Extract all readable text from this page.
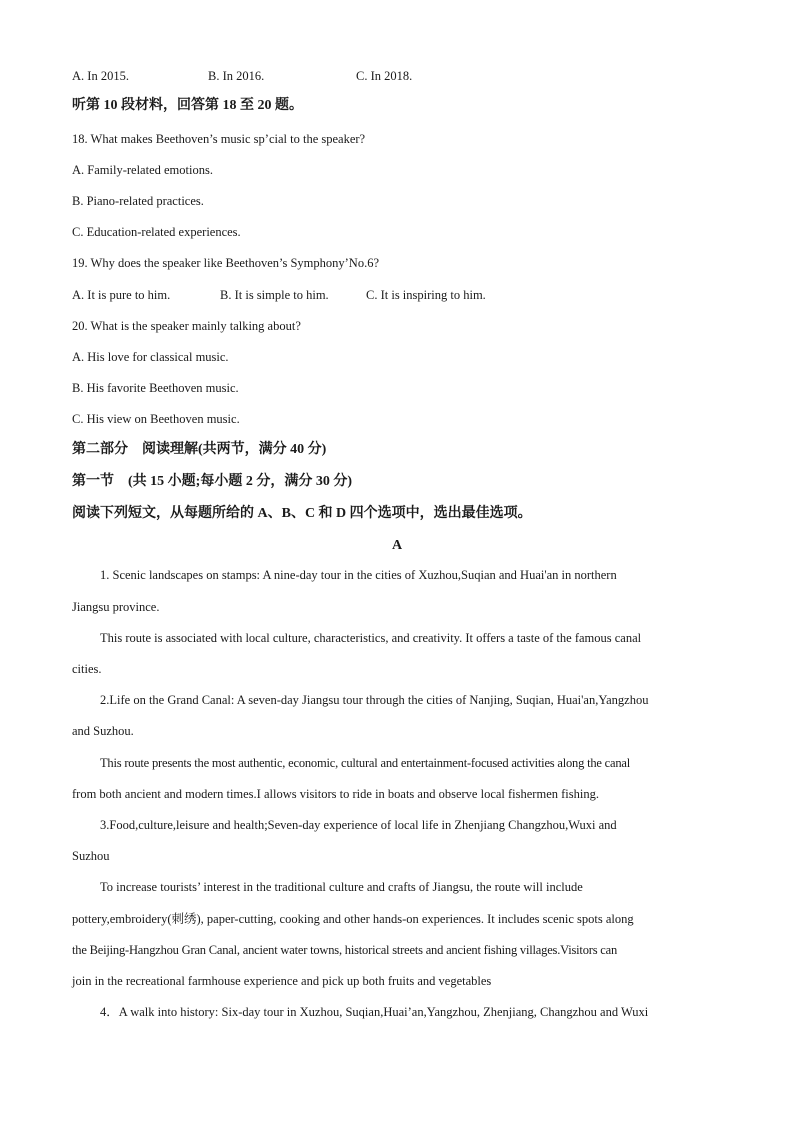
A. In 2015.	B. In 2016.	C. In 2018.
听第 10 段材料，回答第 18 至 20 题。
18. What makes Beethoven’s music sp’cial to the speaker?
A. Family-related emotions.
B. Piano-related practices.
C. Education-related experiences.
19. Why does the speaker like Beethoven’s Symphony’No.6?
A. It is pure to him.	B. It is simple to him.	C. It is inspiring to him.
20. What is the speaker mainly talking about?
A. His love for classical music.
B. His favorite Beethoven music.
C. His view on Beethoven music.
第二部分　阅读理解(共两节，满分 40 分)
第一节　(共 15 小题;每小题 2 分，满分 30 分)
阅读下列短文，从每题所给的 A、B、C 和 D 四个选项中，选出最佳选项。
A
1. Scenic landscapes on stamps: A nine-day tour in the cities of Xuzhou,Suqian and Huai'an in northern
Jiangsu province.
This route is associated with local culture, characteristics, and creativity. It offers a taste of the famous canal
cities.
2.Life on the Grand Canal: A seven-day Jiangsu tour through the cities of Nanjing, Suqian, Huai'an,Yangzhou
and Suzhou.
This route presents the most authentic, economic, cultural and entertainment-focused activities along the canal
from both ancient and modern times.I allows visitors to ride in boats and observe local fishermen fishing.
3.Food,culture,leisure and health;Seven-day experience of local life in Zhenjiang Changzhou,Wuxi and
Suzhou
To increase tourists’ interest in the traditional culture and crafts of Jiangsu, the route will include
pottery,embroidery(刺绣), paper-cutting, cooking and other hands-on experiences. It includes scenic spots along
the Beijing-Hangzhou Gran Canal, ancient water towns, historical streets and ancient fishing villages.Visitors can
join in the recreational farmhouse experience and pick up both fruits and vegetables
4．A walk into history: Six-day tour in Xuzhou, Suqian,Huai’an,Yangzhou, Zhenjiang, Changzhou and Wuxi
